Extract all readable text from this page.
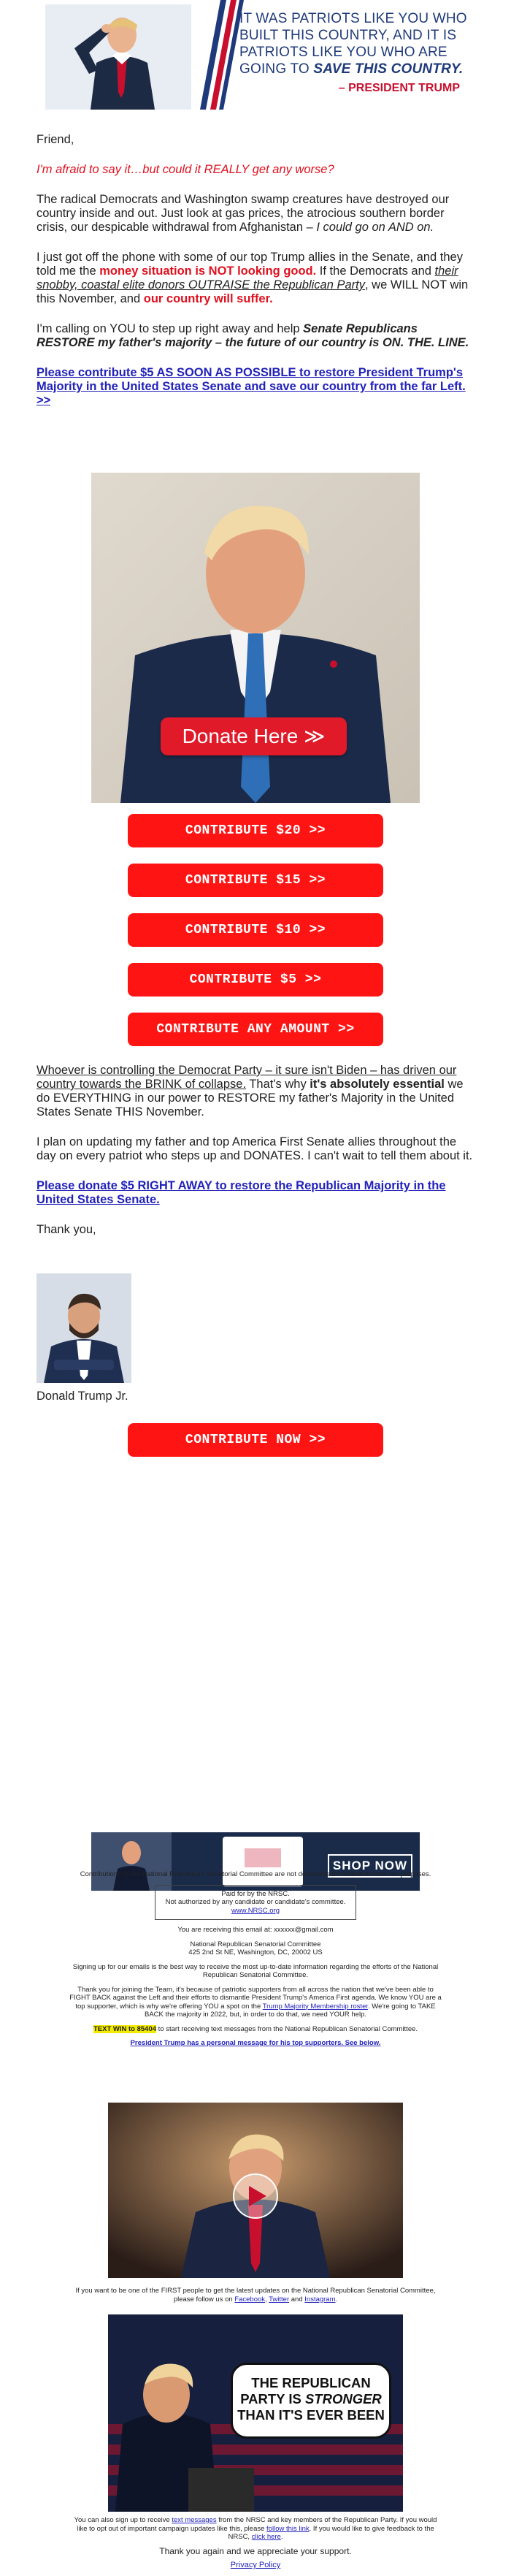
IT WAS PATRIOTS LIKE YOU WHO BUILT THIS COUNTRY, AND IT IS PATRIOTS LIKE YOU WHO ARE GOING TO SAVE THIS COUNTRY.
– PRESIDENT TRUMP

Friend,

I'm afraid to say it…but could it REALLY get any worse?

The radical Democrats and Washington swamp creatures have destroyed our country inside and out. Just look at gas prices, the atrocious southern border crisis, our despicable withdrawal from Afghanistan – I could go on AND on.

I just got off the phone with some of our top Trump allies in the Senate, and they told me the money situation is NOT looking good. If the Democrats and their snobby, coastal elite donors OUTRAISE the Republican Party, we WILL NOT win this November, and our country will suffer.

I'm calling on YOU to step up right away and help Senate Republicans RESTORE my father's majority – the future of our country is ON. THE. LINE.

Please contribute $5 AS SOON AS POSSIBLE to restore President Trump's Majority in the United States Senate and save our country from the far Left. >>

Donate Here ≫
CONTRIBUTE $20 >>
CONTRIBUTE $15 >>
CONTRIBUTE $10 >>
CONTRIBUTE $5 >>
CONTRIBUTE ANY AMOUNT >>

Whoever is controlling the Democrat Party – it sure isn't Biden – has driven our country towards the BRINK of collapse. That's why it's absolutely essential we do EVERYTHING in our power to RESTORE my father's Majority in the United States Senate THIS November.

I plan on updating my father and top America First Senate allies throughout the day on every patriot who steps up and DONATES. I can't wait to tell them about it.

Please donate $5 RIGHT AWAY to restore the Republican Majority in the United States Senate.

Thank you,

Donald Trump Jr.
CONTRIBUTE NOW >>
SHOP NOW

Contributions to the National Republican Senatorial Committee are not deductible for federal income tax purposes.

Paid for by the NRSC.
Not authorized by any candidate or candidate's committee.
www.NRSC.org

You are receiving this email at: xxxxxx@gmail.com

National Republican Senatorial Committee
425 2nd St NE, Washington, DC, 20002 US

Signing up for our emails is the best way to receive the most up-to-date information regarding the efforts of the National Republican Senatorial Committee.

Thank you for joining the Team, it's because of patriotic supporters from all across the nation that we've been able to FIGHT BACK against the Left and their efforts to dismantle President Trump's America First agenda. We know YOU are a top supporter, which is why we're offering YOU a spot on the Trump Majority Membership roster. We're going to TAKE BACK the majority in 2022, but, in order to do that, we need YOUR help.

TEXT WIN to 85404 to start receiving text messages from the National Republican Senatorial Committee.

President Trump has a personal message for his top supporters. See below.

If you want to be one of the FIRST people to get the latest updates on the National Republican Senatorial Committee, please follow us on Facebook, Twitter and Instagram.

THE REPUBLICAN PARTY IS STRONGER THAN IT'S EVER BEEN

You can also sign up to receive text messages from the NRSC and key members of the Republican Party. If you would like to opt out of important campaign updates like this, please follow this link. If you would like to give feedback to the NRSC, click here.

Thank you again and we appreciate your support.

Privacy Policy
